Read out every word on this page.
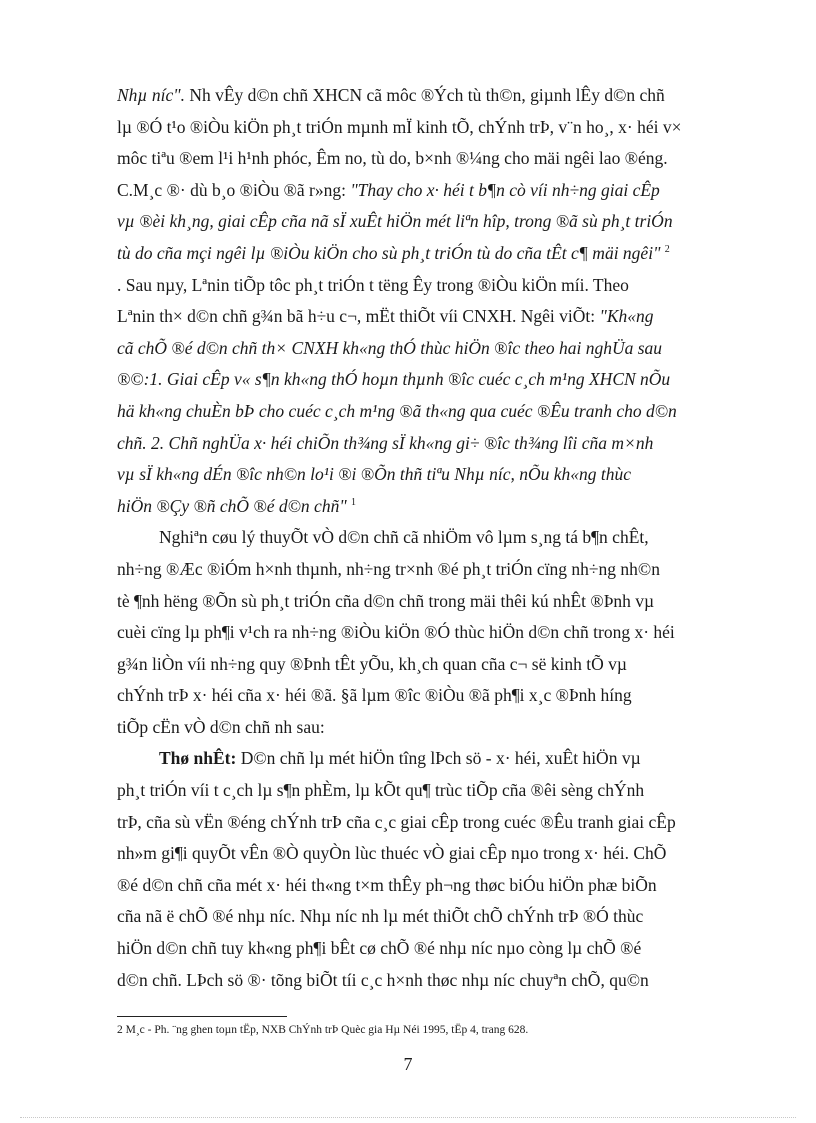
Nhµ níc". Nh vÊy d©n chñ XHCN cã môc ®Ých tù th©n, giµnh lÊy d©n chñ
lµ ®Ó t¹o ®iÒu kiÖn ph¸t triÓn mµnh mÏ kinh tÕ, chÝnh trÞ, v¨n ho¸, x· héi v×
môc tiªu ®em l¹i h¹nh phóc, Êm no, tù do, b×nh ®¼ng cho mäi ngêi lao ®éng.
C.M¸c ®· dù b¸o ®iÒu ®ã r»ng: "Thay cho x· héi t b¶n cò víi nh÷ng giai cÊp
vµ ®èi kh¸ng, giai cÊp cña nã sÏ xuÊt hiÖn mét liªn hîp, trong ®ã sù ph¸t triÓn
tù do cña mçi ngêi lµ ®iÒu kiÖn cho sù ph¸t triÓn tù do cña tÊt c¶ mäi ngêi" $^2$
. Sau nµy, Lªnin tiÕp tôc ph¸t triÓn t tëng Êy trong ®iÒu kiÖn míi. Theo
Lªnin th× d©n chñ g¾n bã h÷u c¬, mËt thiÕt víi CNXH. Ngêi viÕt: "Kh«ng
cã chÕ ®é d©n chñ th× CNXH kh«ng thÓ thùc hiÖn ®îc theo hai nghÜa sau
®©:1. Giai cÊp v« s¶n kh«ng thÓ hoµn thµnh ®îc cuéc c¸ch m¹ng XHCN nÕu
hä kh«ng chuÈn bÞ cho cuéc c¸ch m¹ng ®ã th«ng qua cuéc ®Êu tranh cho d©n
chñ. 2. Chñ nghÜa x· héi chiÕn th¾ng sÏ kh«ng gi÷ ®îc th¾ng lîi cña m×nh
vµ sÏ kh«ng dÉn ®îc nh©n lo¹i ®i ®Õn thñ tiªu Nhµ níc, nÕu kh«ng thùc
hiÖn ®Çy ®ñ chÕ ®é d©n chñ" $^1$
Nghiªn cøu lý thuyÕt vÒ d©n chñ cã nhiÖm vô lµm s¸ng tá b¶n chÊt,
nh÷ng ®Æc ®iÓm h×nh thµnh, nh÷ng tr×nh ®é ph¸t triÓn cïng nh÷ng nh©n
tè ¶nh hëng ®Õn sù ph¸t triÓn cña d©n chñ trong mäi thêi kú nhÊt ®Þnh vµ
cuèi cïng lµ ph¶i v¹ch ra nh÷ng ®iÒu kiÖn ®Ó thùc hiÖn d©n chñ trong x· héi
g¾n liÒn víi nh÷ng quy ®Þnh tÊt yÕu, kh¸ch quan cña c¬ së kinh tÕ vµ
chÝnh trÞ x· héi cña x· héi ®ã. §ã lµm ®îc ®iÒu ®ã ph¶i x¸c ®Þnh híng
tiÕp cËn vÒ d©n chñ nh sau:
Thø nhÊt: D©n chñ lµ mét hiÖn tîng lÞch sö - x· héi, xuÊt hiÖn vµ
ph¸t triÓn víi t c¸ch lµ s¶n phÈm, lµ kÕt qu¶ trùc tiÕp cña ®êi sèng chÝnh
trÞ, cña sù vËn ®éng chÝnh trÞ cña c¸c giai cÊp trong cuéc ®Êu tranh giai cÊp
nh»m gi¶i quyÕt vÊn ®Ò quyÒn lùc thuéc vÒ giai cÊp nµo trong x· héi. ChÕ
®é d©n chñ cña mét x· héi th«ng t×m thÊy ph¬ng thøc biÓu hiÖn phæ biÕn
cña nã ë chÕ ®é nhµ níc. Nhµ níc nh lµ mét thiÕt chÕ chÝnh trÞ ®Ó thùc
hiÖn d©n chñ tuy kh«ng ph¶i bÊt cø chÕ ®é nhµ níc nµo còng lµ chÕ ®é
d©n chñ. LÞch sö ®· tõng biÕt tíi c¸c h×nh thøc nhµ níc chuyªn chÕ, qu©n
2 M¸c - Ph. ¨ng ghen toµn tËp, NXB ChÝnh trÞ Quèc gia Hµ Néi 1995, tËp 4, trang 628.
7
